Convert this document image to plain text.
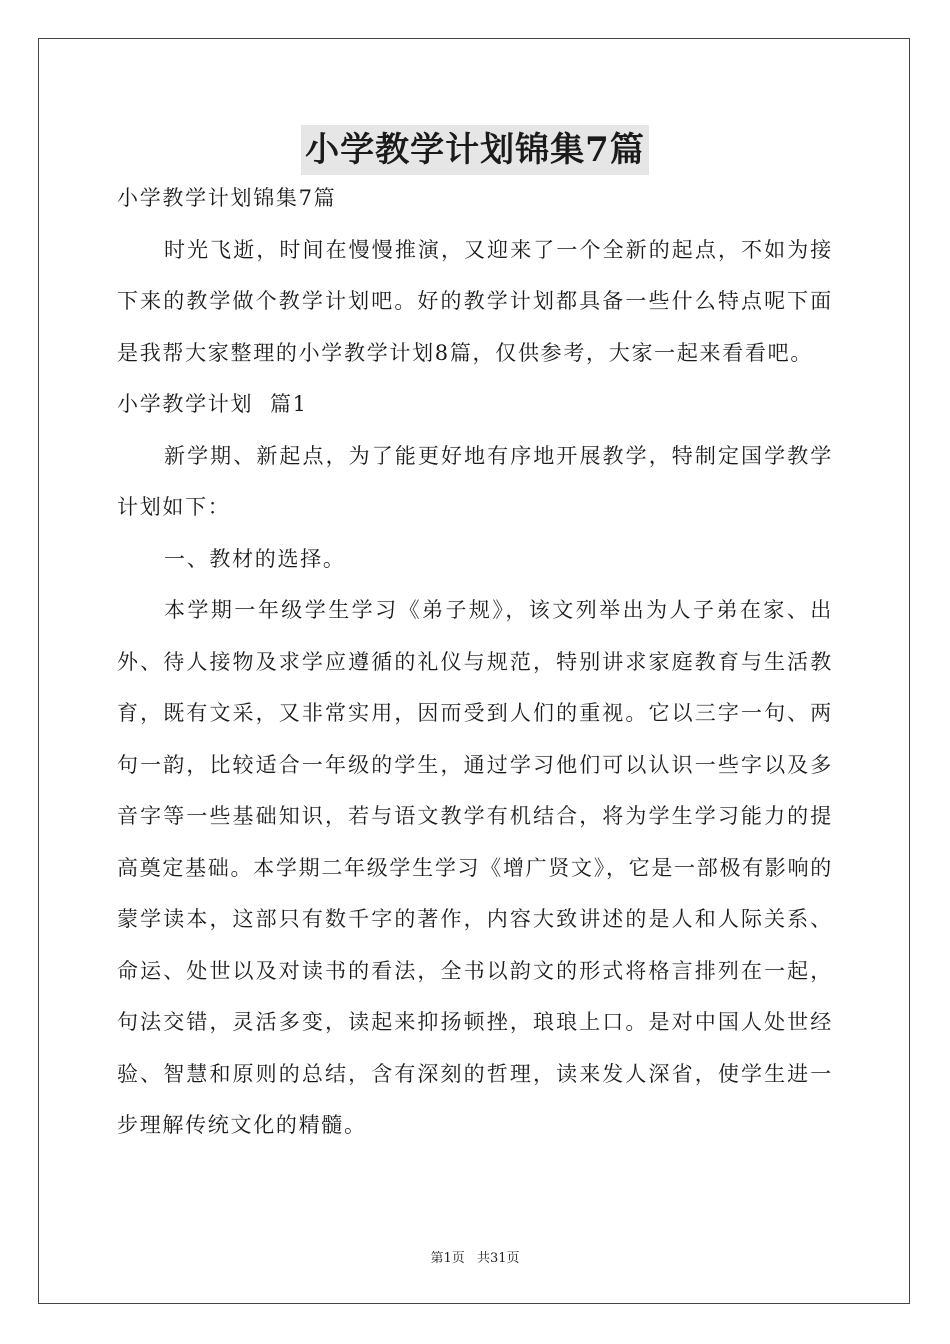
小学教学计划锦集7篇

小学教学计划锦集7篇

时光飞逝，时间在慢慢推演，又迎来了一个全新的起点，不如为接下来的教学做个教学计划吧。好的教学计划都具备一些什么特点呢下面是我帮大家整理的小学教学计划8篇，仅供参考，大家一起来看看吧。

小学教学计划  篇1

新学期、新起点，为了能更好地有序地开展教学，特制定国学教学计划如下：

一、教材的选择。

本学期一年级学生学习《弟子规》，该文列举出为人子弟在家、出外、待人接物及求学应遵循的礼仪与规范，特别讲求家庭教育与生活教育，既有文采，又非常实用，因而受到人们的重视。它以三字一句、两句一韵，比较适合一年级的学生，通过学习他们可以认识一些字以及多音字等一些基础知识，若与语文教学有机结合，将为学生学习能力的提高奠定基础。本学期二年级学生学习《增广贤文》，它是一部极有影响的蒙学读本，这部只有数千字的著作，内容大致讲述的是人和人际关系、命运、处世以及对读书的看法，全书以韵文的形式将格言排列在一起，句法交错，灵活多变，读起来抑扬顿挫，琅琅上口。是对中国人处世经验、智慧和原则的总结，含有深刻的哲理，读来发人深省，使学生进一步理解传统文化的精髓。

第1页 共31页
